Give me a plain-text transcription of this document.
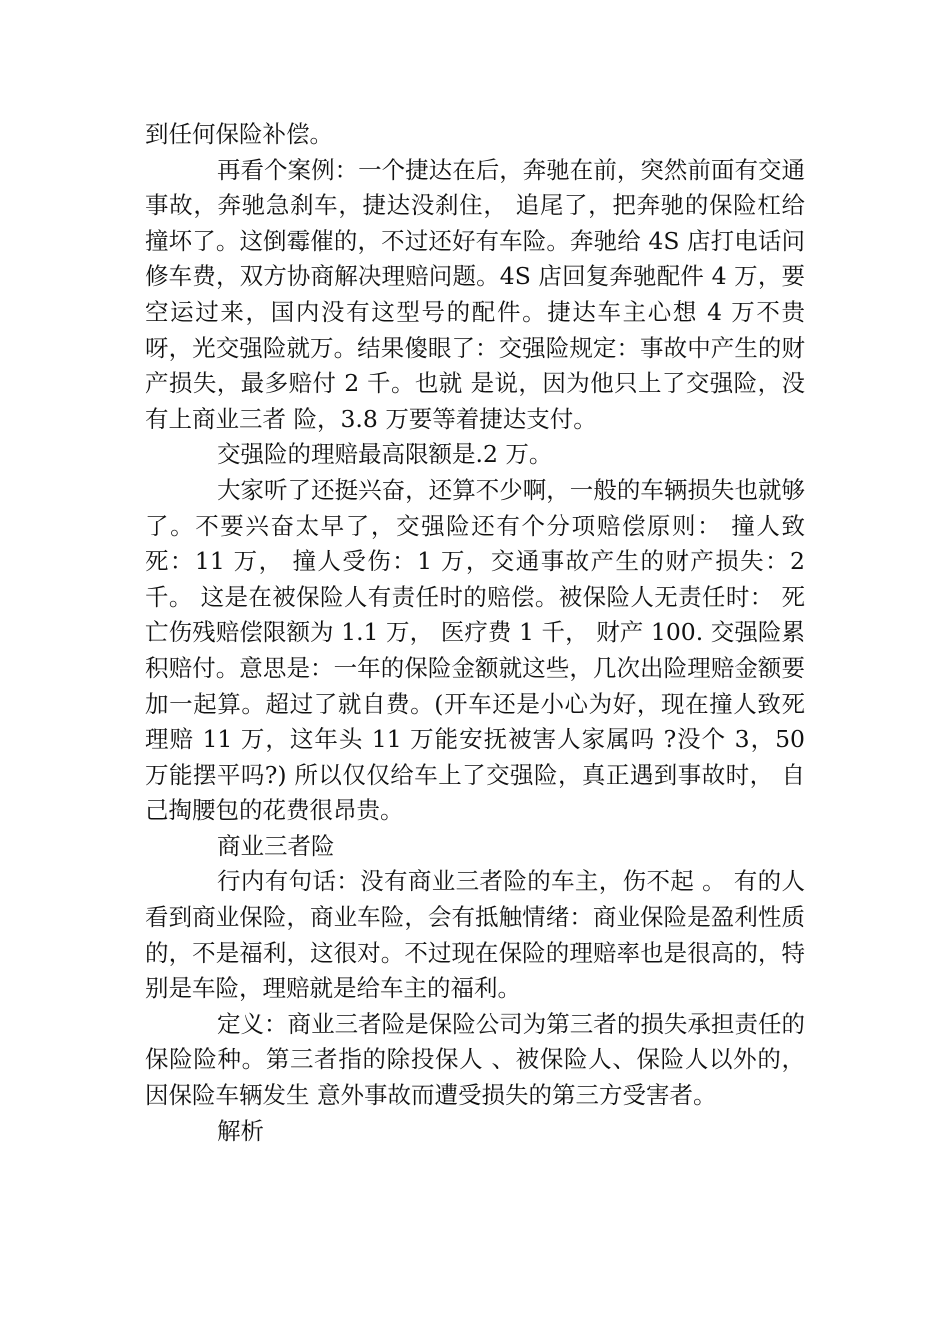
到任何保险补偿。

再看个案例：一个捷达在后，奔驰在前，突然前面有交通事故，奔驰急刹车，捷达没刹住， 追尾了，把奔驰的保险杠给撞坏了。这倒霉催的，不过还好有车险。奔驰给 4S 店打电话问修车费，双方协商解决理赔问题。4S 店回复奔驰配件 4 万，要空运过来，国内没有这型号的配件。捷达车主心想 4 万不贵呀，光交强险就万。结果傻眼了：交强险规定：事故中产生的财产损失，最多赔付 2 千。也就 是说，因为他只上了交强险，没有上商业三者 险，3.8 万要等着捷达支付。

交强险的理赔最高限额是.2 万。

大家听了还挺兴奋，还算不少啊，一般的车辆损失也就够了。不要兴奋太早了，交强险还有个分项赔偿原则： 撞人致死：11 万， 撞人受伤：1 万，交通事故产生的财产损失：2 千。 这是在被保险人有责任时的赔偿。被保险人无责任时： 死亡伤残赔偿限额为 1.1 万， 医疗费 1 千， 财产 100. 交强险累积赔付。意思是：一年的保险金额就这些，几次出险理赔金额要加一起算。超过了就自费。(开车还是小心为好，现在撞人致死理赔 11 万，这年头 11 万能安抚被害人家属吗 ?没个 3，50 万能摆平吗?) 所以仅仅给车上了交强险，真正遇到事故时， 自己掏腰包的花费很昂贵。

商业三者险

行内有句话：没有商业三者险的车主，伤不起 。 有的人看到商业保险，商业车险，会有抵触情绪：商业保险是盈利性质的，不是福利，这很对。不过现在保险的理赔率也是很高的，特别是车险，理赔就是给车主的福利。

定义：商业三者险是保险公司为第三者的损失承担责任的保险险种。第三者指的除投保人 、被保险人、保险人以外的，因保险车辆发生 意外事故而遭受损失的第三方受害者。

解析
